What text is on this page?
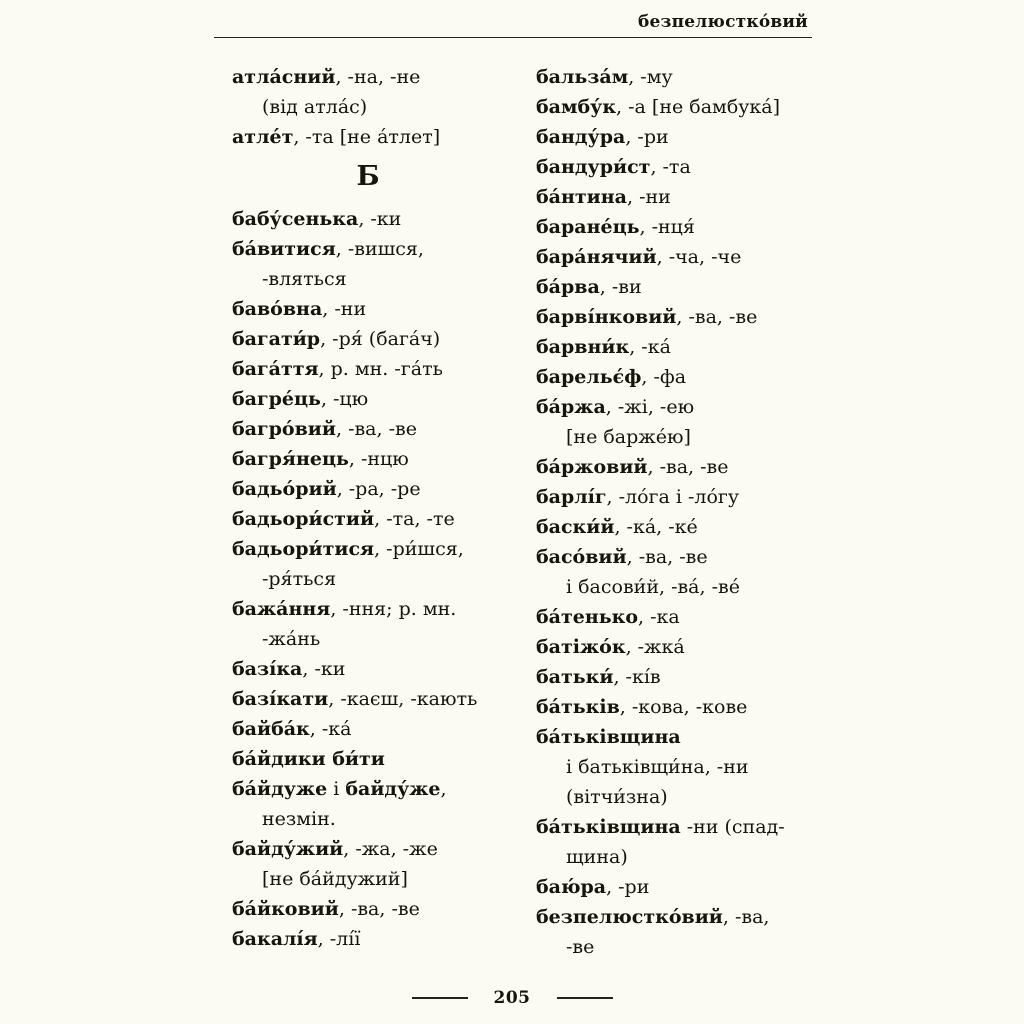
безпелюстко́вий
атла́сний, -на, -не
(від атла́с)
атле́т, -та [не а́тлет]
Б
бабу́сенька, -ки
ба́витися, -вишся,
-вляться
баво́вна, -ни
багати́р, -ря́ (бага́ч)
бага́ття, р. мн. -га́ть
багре́ць, -цю
багро́вий, -ва, -ве
багря́нець, -нцю
бадьо́рий, -ра, -ре
бадьори́стий, -та, -те
бадьори́тися, -ри́шся,
-ря́ться
бажа́ння, -ння; р. мн.
-жа́нь
базі́ка, -ки
базі́кати, -каєш, -кають
байба́к, -ка́
ба́йдики би́ти
ба́йдуже і байду́же,
незмін.
байду́жий, -жа, -же
[не ба́йдужий]
ба́йковий, -ва, -ве
бакалі́я, -лі́ї
бальза́м, -му
бамбу́к, -а [не бамбука́]
банду́ра, -ри
бандури́ст, -та
ба́нтина, -ни
баране́ць, -нця́
бара́нячий, -ча, -че
ба́рва, -ви
барві́нковий, -ва, -ве
барвни́к, -ка́
барельє́ф, -фа
ба́ржа, -жі, -ею
[не барже́ю]
ба́ржовий, -ва, -ве
барлі́г, -ло́га і -ло́гу
баски́й, -ка́, -ке́
басо́вий, -ва, -ве
і басови́й, -ва́, -ве́
ба́тенько, -ка
батіжо́к, -жка́
батьки́, -кі́в
ба́тьків, -кова, -кове
ба́тьківщина
і батьківщи́на, -ни
(вітчи́зна)
ба́тьківщина -ни (спад-
щина)
баю́ра, -ри
безпелюстко́вий, -ва,
-ве
205
